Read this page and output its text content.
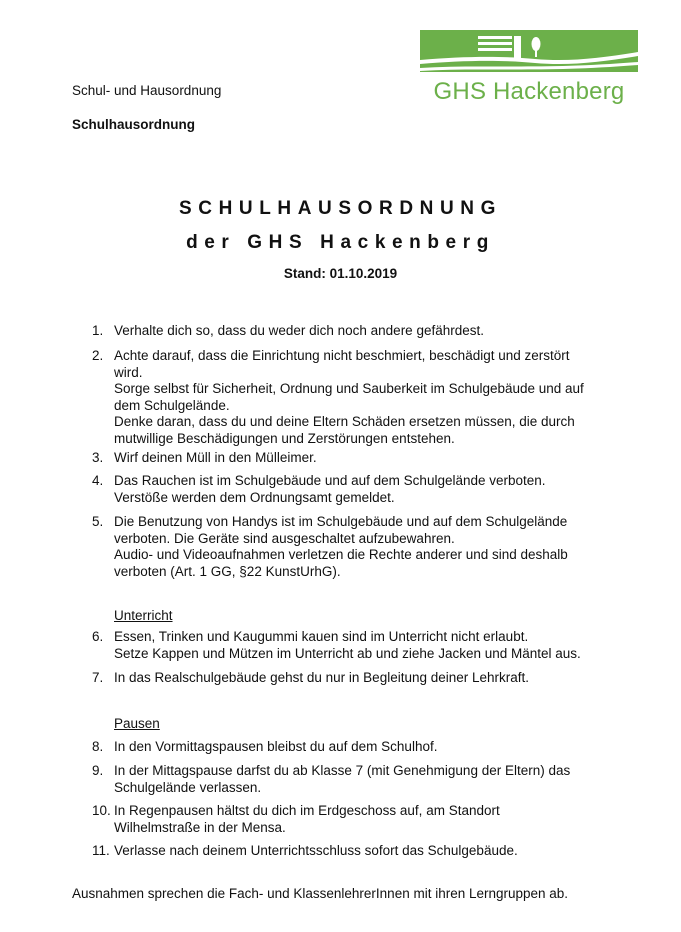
Schul- und Hausordnung
Schulhausordnung
GHS Hackenberg
SCHULHAUSORDNUNG
der GHS Hackenberg
Stand: 01.10.2019
1. Verhalte dich so, dass du weder dich noch andere gefährdest.
2. Achte darauf, dass die Einrichtung nicht beschmiert, beschädigt und zerstört
wird.
Sorge selbst für Sicherheit, Ordnung und Sauberkeit im Schulgebäude und auf
dem Schulgelände.
Denke daran, dass du und deine Eltern Schäden ersetzen müssen, die durch
mutwillige Beschädigungen und Zerstörungen entstehen.
3. Wirf deinen Müll in den Mülleimer.
4. Das Rauchen ist im Schulgebäude und auf dem Schulgelände verboten.
Verstöße werden dem Ordnungsamt gemeldet.
5. Die Benutzung von Handys ist im Schulgebäude und auf dem Schulgelände
verboten. Die Geräte sind ausgeschaltet aufzubewahren.
Audio- und Videoaufnahmen verletzen die Rechte anderer und sind deshalb
verboten (Art. 1 GG, §22 KunstUrhG).
Unterricht
6. Essen, Trinken und Kaugummi kauen sind im Unterricht nicht erlaubt.
Setze Kappen und Mützen im Unterricht ab und ziehe Jacken und Mäntel aus.
7. In das Realschulgebäude gehst du nur in Begleitung deiner Lehrkraft.
Pausen
8. In den Vormittagspausen bleibst du auf dem Schulhof.
9. In der Mittagspause darfst du ab Klasse 7 (mit Genehmigung der Eltern) das
Schulgelände verlassen.
10. In Regenpausen hältst du dich im Erdgeschoss auf, am Standort
Wilhelmstraße in der Mensa.
11. Verlasse nach deinem Unterrichtsschluss sofort das Schulgebäude.
Ausnahmen sprechen die Fach- und KlassenlehrerInnen mit ihren Lerngruppen ab.
